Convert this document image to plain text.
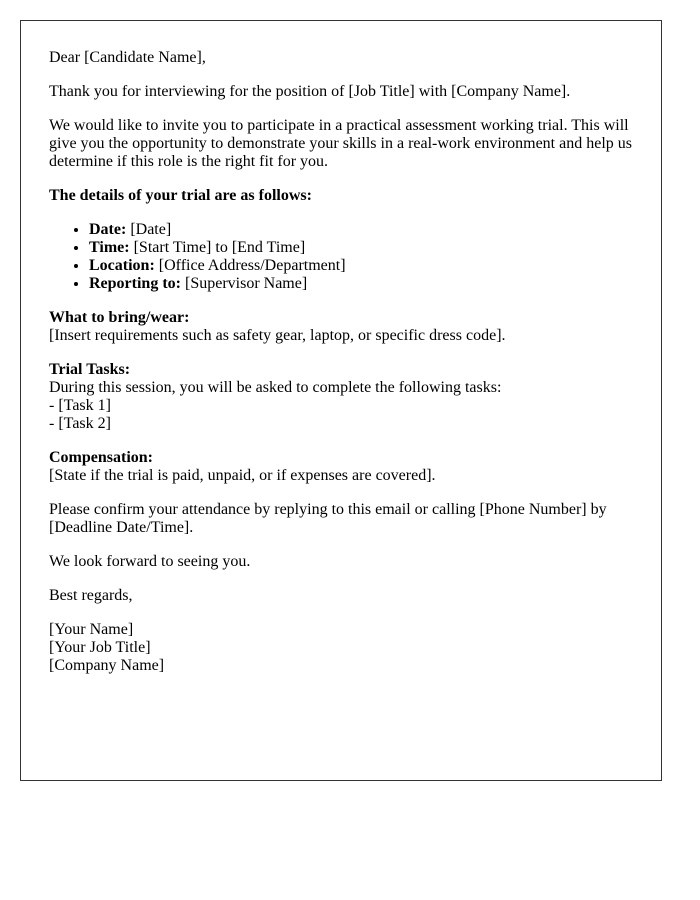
Dear [Candidate Name],

Thank you for interviewing for the position of [Job Title] with [Company Name].

We would like to invite you to participate in a practical assessment working trial. This will give you the opportunity to demonstrate your skills in a real-work environment and help us determine if this role is the right fit for you.

The details of your trial are as follows:

• Date: [Date]
• Time: [Start Time] to [End Time]
• Location: [Office Address/Department]
• Reporting to: [Supervisor Name]

What to bring/wear:
[Insert requirements such as safety gear, laptop, or specific dress code].

Trial Tasks:
During this session, you will be asked to complete the following tasks:
- [Task 1]
- [Task 2]

Compensation:
[State if the trial is paid, unpaid, or if expenses are covered].

Please confirm your attendance by replying to this email or calling [Phone Number] by [Deadline Date/Time].

We look forward to seeing you.

Best regards,

[Your Name]
[Your Job Title]
[Company Name]
